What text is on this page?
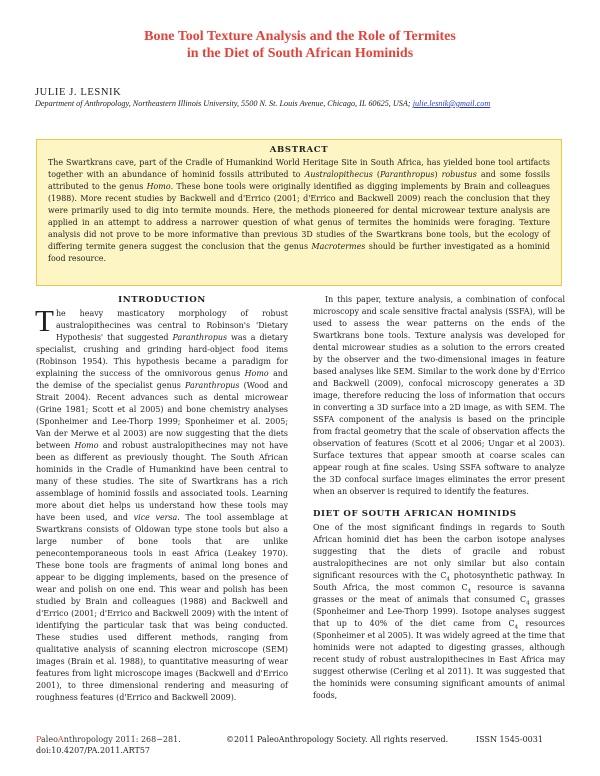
Bone Tool Texture Analysis and the Role of Termites
in the Diet of South African Hominids
JULIE J. LESNIK
Department of Anthropology, Northeastern Illinois University, 5500 N. St. Louis Avenue, Chicago, IL 60625, USA; julie.lesnik@gmail.com
ABSTRACT

The Swartkrans cave, part of the Cradle of Humankind World Heritage Site in South Africa, has yielded bone tool artifacts together with an abundance of hominid fossils attributed to Australopithecus (Paranthropus) robustus and some fossils attributed to the genus Homo. These bone tools were originally identified as digging implements by Brain and colleagues (1988). More recent studies by Backwell and d'Errico (2001; d'Errico and Backwell 2009) reach the conclusion that they were primarily used to dig into termite mounds. Here, the methods pioneered for dental microwear texture analysis are applied in an attempt to address a narrower question of what genus of termites the hominids were foraging. Texture analysis did not prove to be more informative than previous 3D studies of the Swartkrans bone tools, but the ecology of differing termite genera suggest the conclusion that the genus Macrotermes should be further investigated as a hominid food resource.

INTRODUCTION

The heavy masticatory morphology of robust australopithecines was central to Robinson's 'Dietary Hypothesis' that suggested Paranthropus was a dietary specialist, crushing and grinding hard-object food items (Robinson 1954). This hypothesis became a paradigm for explaining the success of the omnivorous genus Homo and the demise of the specialist genus Paranthropus (Wood and Strait 2004). Recent advances such as dental microwear (Grine 1981; Scott et al 2005) and bone chemistry analyses (Sponheimer and Lee-Thorp 1999; Sponheimer et al. 2005; Van der Merwe et al 2003) are now suggesting that the diets between Homo and robust australopithecines may not have been as different as previously thought. The South African hominids in the Cradle of Humankind have been central to many of these studies. The site of Swartkrans has a rich assemblage of hominid fossils and associated tools. Learning more about diet helps us understand how these tools may have been used, and vice versa. The tool assemblage at Swartkrans consists of Oldowan type stone tools but also a large number of bone tools that are unlike penecontemporaneous tools in east Africa (Leakey 1970). These bone tools are fragments of animal long bones and appear to be digging implements, based on the presence of wear and polish on one end. This wear and polish has been studied by Brain and colleagues (1988) and Backwell and d'Errico (2001; d'Errico and Backwell 2009) with the intent of identifying the particular task that was being conducted. These studies used different methods, ranging from qualitative analysis of scanning electron microscope (SEM) images (Brain et al. 1988), to quantitative measuring of wear features from light microscope images (Backwell and d'Errico 2001), to three dimensional rendering and measuring of roughness features (d'Errico and Backwell 2009).

In this paper, texture analysis, a combination of confocal microscopy and scale sensitive fractal analysis (SSFA), will be used to assess the wear patterns on the ends of the Swartkrans bone tools. Texture analysis was developed for dental microwear studies as a solution to the errors created by the observer and the two-dimensional images in feature based analyses like SEM. Similar to the work done by d'Errico and Backwell (2009), confocal microscopy generates a 3D image, therefore reducing the loss of information that occurs in converting a 3D surface into a 2D image, as with SEM. The SSFA component of the analysis is based on the principle from fractal geometry that the scale of observation affects the observation of features (Scott et al 2006; Ungar et al 2003). Surface textures that appear smooth at coarse scales can appear rough at fine scales. Using SSFA software to analyze the 3D confocal surface images eliminates the error present when an observer is required to identify the features.

DIET OF SOUTH AFRICAN HOMINIDS

One of the most significant findings in regards to South African hominid diet has been the carbon isotope analyses suggesting that the diets of gracile and robust australopithecines are not only similar but also contain significant resources with the $C_4$ photosynthetic pathway. In South Africa, the most common $C_4$ resource is savanna grasses or the meat of animals that consumed $C_4$ grasses (Sponheimer and Lee-Thorp 1999). Isotope analyses suggest that up to 40% of the diet came from $C_4$ resources (Sponheimer et al 2005). It was widely agreed at the time that hominids were not adapted to digesting grasses, although recent study of robust australopithecines in East Africa may suggest otherwise (Cerling et al 2011). It was suggested that the hominids were consuming significant amounts of animal foods,

PaleoAnthropology 2011: 268−281.	©2011 PaleoAnthropology Society. All rights reserved.	ISSN 1545-0031
doi:10.4207/PA.2011.ART57
